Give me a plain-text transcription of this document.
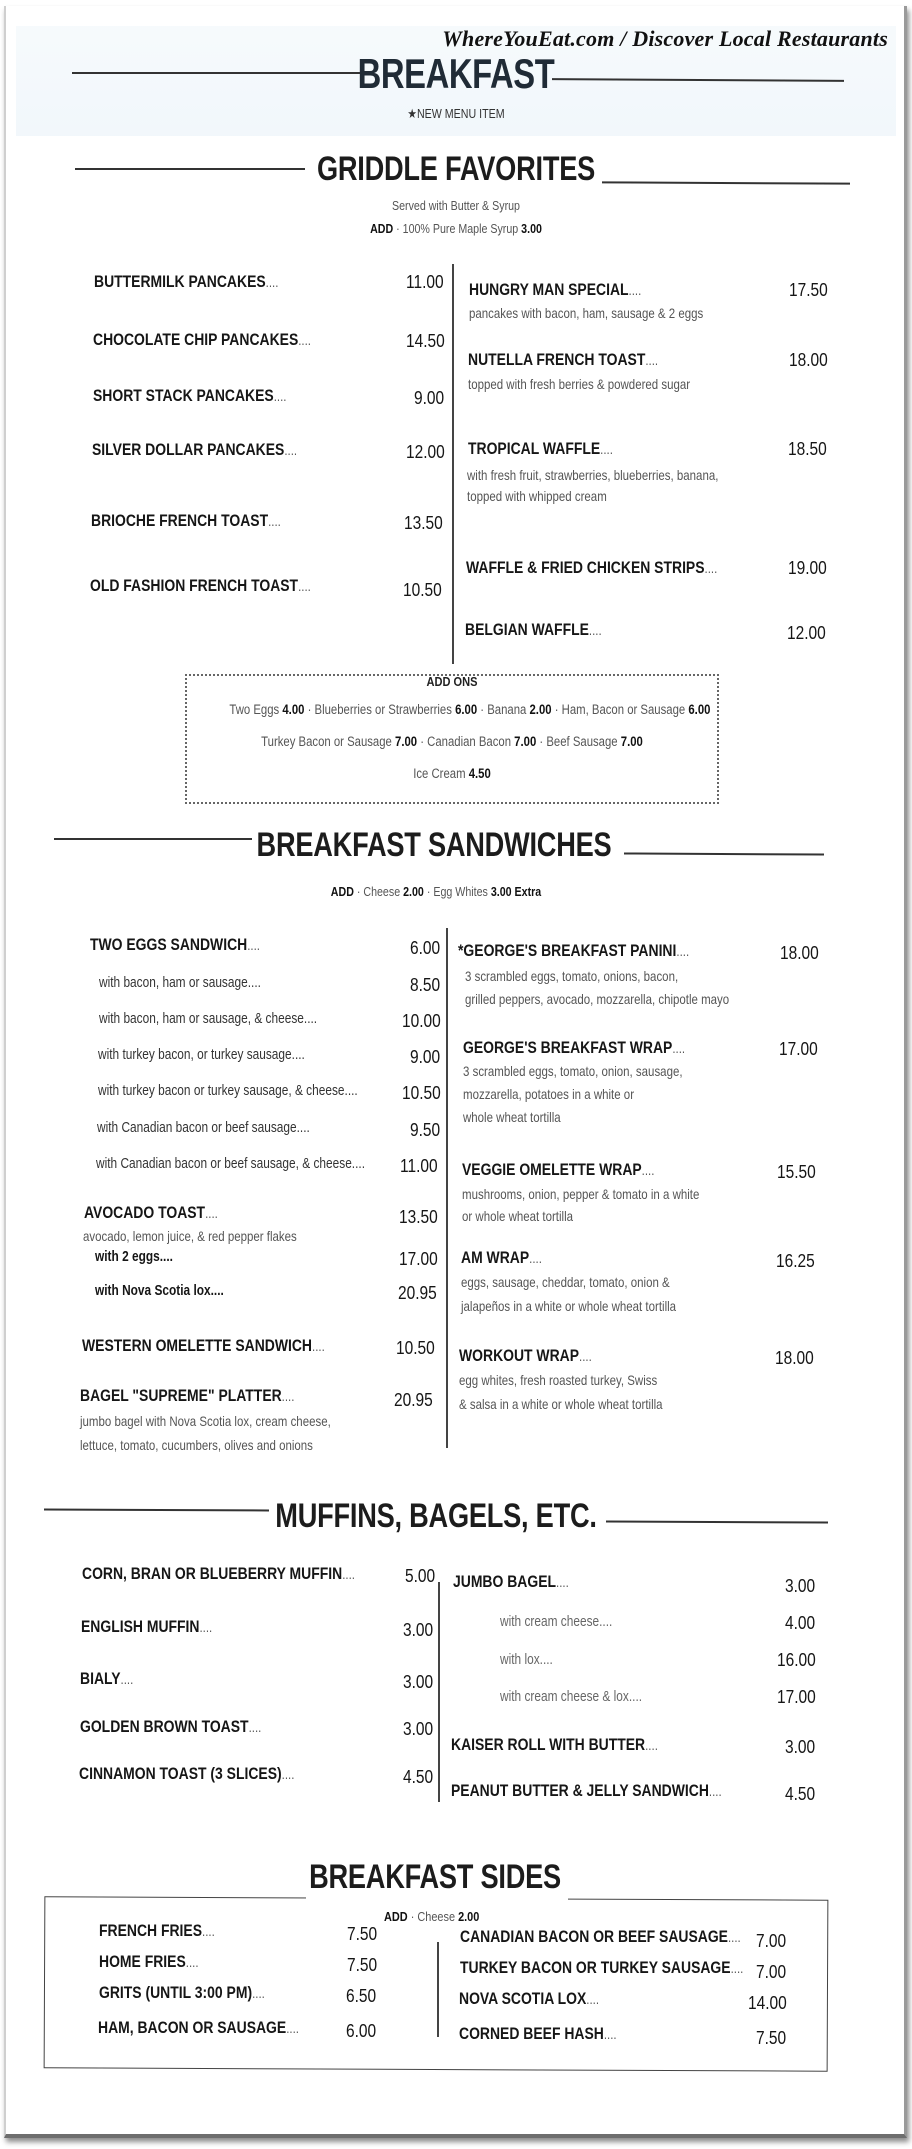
WhereYouEat.com / Discover Local Restaurants
BREAKFAST
★NEW MENU ITEM
GRIDDLE FAVORITES
Served with Butter & Syrup
ADD · 100% Pure Maple Syrup 3.00
BUTTERMILK PANCAKES....	11.00
CHOCOLATE CHIP PANCAKES....	14.50
SHORT STACK PANCAKES....	9.00
SILVER DOLLAR PANCAKES....	12.00
BRIOCHE FRENCH TOAST....	13.50
OLD FASHION FRENCH TOAST....	10.50
HUNGRY MAN SPECIAL....	17.50
pancakes with bacon, ham, sausage & 2 eggs
NUTELLA FRENCH TOAST....	18.00
topped with fresh berries & powdered sugar
TROPICAL WAFFLE....	18.50
with fresh fruit, strawberries, blueberries, banana,
topped with whipped cream
WAFFLE & FRIED CHICKEN STRIPS....	19.00
BELGIAN WAFFLE....	12.00
ADD ONS
Two Eggs 4.00 · Blueberries or Strawberries 6.00 · Banana 2.00 · Ham, Bacon or Sausage 6.00
Turkey Bacon or Sausage 7.00 · Canadian Bacon 7.00 · Beef Sausage 7.00
Ice Cream 4.50
BREAKFAST SANDWICHES
ADD · Cheese 2.00 · Egg Whites 3.00 Extra
TWO EGGS SANDWICH....	6.00
with bacon, ham or sausage....	8.50
with bacon, ham or sausage, & cheese....	10.00
with turkey bacon, or turkey sausage....	9.00
with turkey bacon or turkey sausage, & cheese.... 10.50
with Canadian bacon or beef sausage....	9.50
with Canadian bacon or beef sausage, & cheese.... 11.00
AVOCADO TOAST....	13.50
avocado, lemon juice, & red pepper flakes
with 2 eggs....	17.00
with Nova Scotia lox....	20.95
WESTERN OMELETTE SANDWICH....	10.50
BAGEL "SUPREME" PLATTER....	20.95
jumbo bagel with Nova Scotia lox, cream cheese,
lettuce, tomato, cucumbers, olives and onions
*GEORGE'S BREAKFAST PANINI....	18.00
3 scrambled eggs, tomato, onions, bacon,
grilled peppers, avocado, mozzarella, chipotle mayo
GEORGE'S BREAKFAST WRAP....	17.00
3 scrambled eggs, tomato, onion, sausage,
mozzarella, potatoes in a white or
whole wheat tortilla
VEGGIE OMELETTE WRAP....	15.50
mushrooms, onion, pepper & tomato in a white
or whole wheat tortilla
AM WRAP....	16.25
eggs, sausage, cheddar, tomato, onion &
jalapeños in a white or whole wheat tortilla
WORKOUT WRAP....	18.00
egg whites, fresh roasted turkey, Swiss
& salsa in a white or whole wheat tortilla
MUFFINS, BAGELS, ETC.
CORN, BRAN OR BLUEBERRY MUFFIN....	5.00
ENGLISH MUFFIN....	3.00
BIALY....	3.00
GOLDEN BROWN TOAST....	3.00
CINNAMON TOAST (3 SLICES)....	4.50
JUMBO BAGEL....	3.00
with cream cheese....	4.00
with lox....	16.00
with cream cheese & lox....	17.00
KAISER ROLL WITH BUTTER....	3.00
PEANUT BUTTER & JELLY SANDWICH....	4.50
BREAKFAST SIDES
ADD · Cheese 2.00
FRENCH FRIES....	7.50
HOME FRIES....	7.50
GRITS (UNTIL 3:00 PM)....	6.50
HAM, BACON OR SAUSAGE....	6.00
CANADIAN BACON OR BEEF SAUSAGE.... 7.00
TURKEY BACON OR TURKEY SAUSAGE.... 7.00
NOVA SCOTIA LOX....	14.00
CORNED BEEF HASH....	7.50
